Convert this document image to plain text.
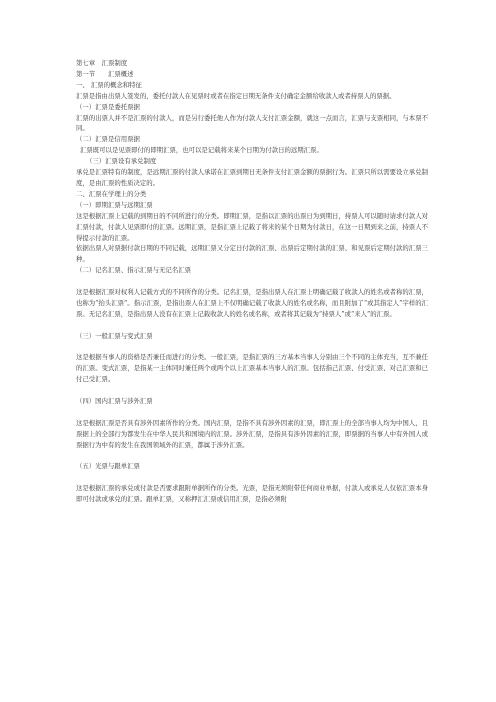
第七章　汇票制度
第一节　　汇票概述
一、 汇票的概念和特征

汇票是指由出票人签发的，委托付款人在见票时或者在指定日期无条件支付确定金额给收款人或者持票人的票据。

（一）汇票是委托票据

汇票的出票人并不是汇票的付款人，而是另行委托他人作为付款人支付汇票金额，就这一点而言，汇票与支票相同，与本票不同。

（二）汇票是信用票据

汇票既可以是见票即付的即期汇票，也可以是记载将来某个日期为付款日的远期汇票。

（三）汇票设有承兑制度

承兑是汇票特有的制度，是远期汇票的付款人承诺在汇票到期日无条件支付汇票金额的票据行为。汇票只所以需要设立承兑制度，是由汇票的性质决定的。

二、汇票在学理上的分类
（一）即期汇票与远期汇票

这是根据汇票上记载的到期日的不同所进行的分类。即期汇票，是指以汇票的出票日为到期日，持票人可以随时请求付款人对汇票付款，付款人见票即付的汇票。远期汇票，是指汇票上记载了将来的某个日期为付款日，在这一日期到来之前，持票人不得提示付款的汇票。

依据出票人对票据付款日期的不同记载，远期汇票又分定日付款的汇票、出票后定期付款的汇票、和见票后定期付款的汇票三种。

（二）记名汇票、指示汇票与无记名汇票

这是根据汇票对权利人记载方式的不同所作的分类。记名汇票，是指出票人在汇票上明确记载了收款人的姓名或者称的汇票，也称为“抬头汇票”。指示汇票，是指出票人在汇票上不仅明确记载了收款人的姓名或名称，而且附加了“或其指定人”字样的汇票。无记名汇票，是指出票人没有在汇票上记载收款人的姓名或名称，或者将其记载为“持票人”或“来人”的汇票。

（三）一般汇票与变式汇票

这是根据当事人的资格是否兼任而进行的分类。一般汇票，是指汇票的三方基本当事人分别由三个不同的主体充当，互不兼任的汇票。变式汇票，是指某一主体同时兼任两个或两个以上汇票基本当事人的汇票。包括指己汇票、付受汇票、对己汇票和已付己受汇票。

（四）国内汇票与涉外汇票

这是根据汇票是否具有涉外因素所作的分类。国内汇票，是指不具有涉外因素的汇票，即汇票上的全部当事人均为中国人，且票据上的全部行为都发生在中华人民共和国境内的汇票。涉外汇票，是指具有涉外因素的汇票，即票据的当事人中有外国人或票据行为中有的发生在我国领域外的汇票，都属于涉外汇票。

（五）光票与跟单汇票

这是根据汇票的承兑或付款是否要求跟附单据所作的分类。光票，是指无须附带任何商业单据，付款人或承兑人仅依汇票本身即可付款或承兑的汇票。跟单汇票，又称押汇汇票或信用汇票，是指必须附
